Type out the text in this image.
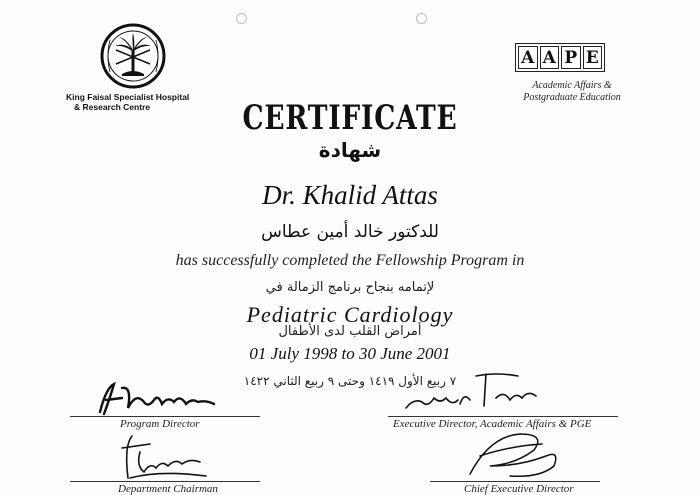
King Faisal Specialist Hospital
& Research Centre
A A P E
Academic Affairs &
Postgraduate Education
CERTIFICATE
شهادة
Dr. Khalid Attas
للدكتور خالد أمين عطاس
has successfully completed the Fellowship Program in
لإتمامه بنجاح برنامج الزمالة في
Pediatric Cardiology
أمراض القلب لدى الأطفال
01 July 1998 to 30 June 2001
٧ ربيع الأول ١٤١٩ وحتى ٩ ربيع الثاني ١٤٢٢
Program Director
Department Chairman
Executive Director, Academic Affairs & PGE
Chief Executive Director
